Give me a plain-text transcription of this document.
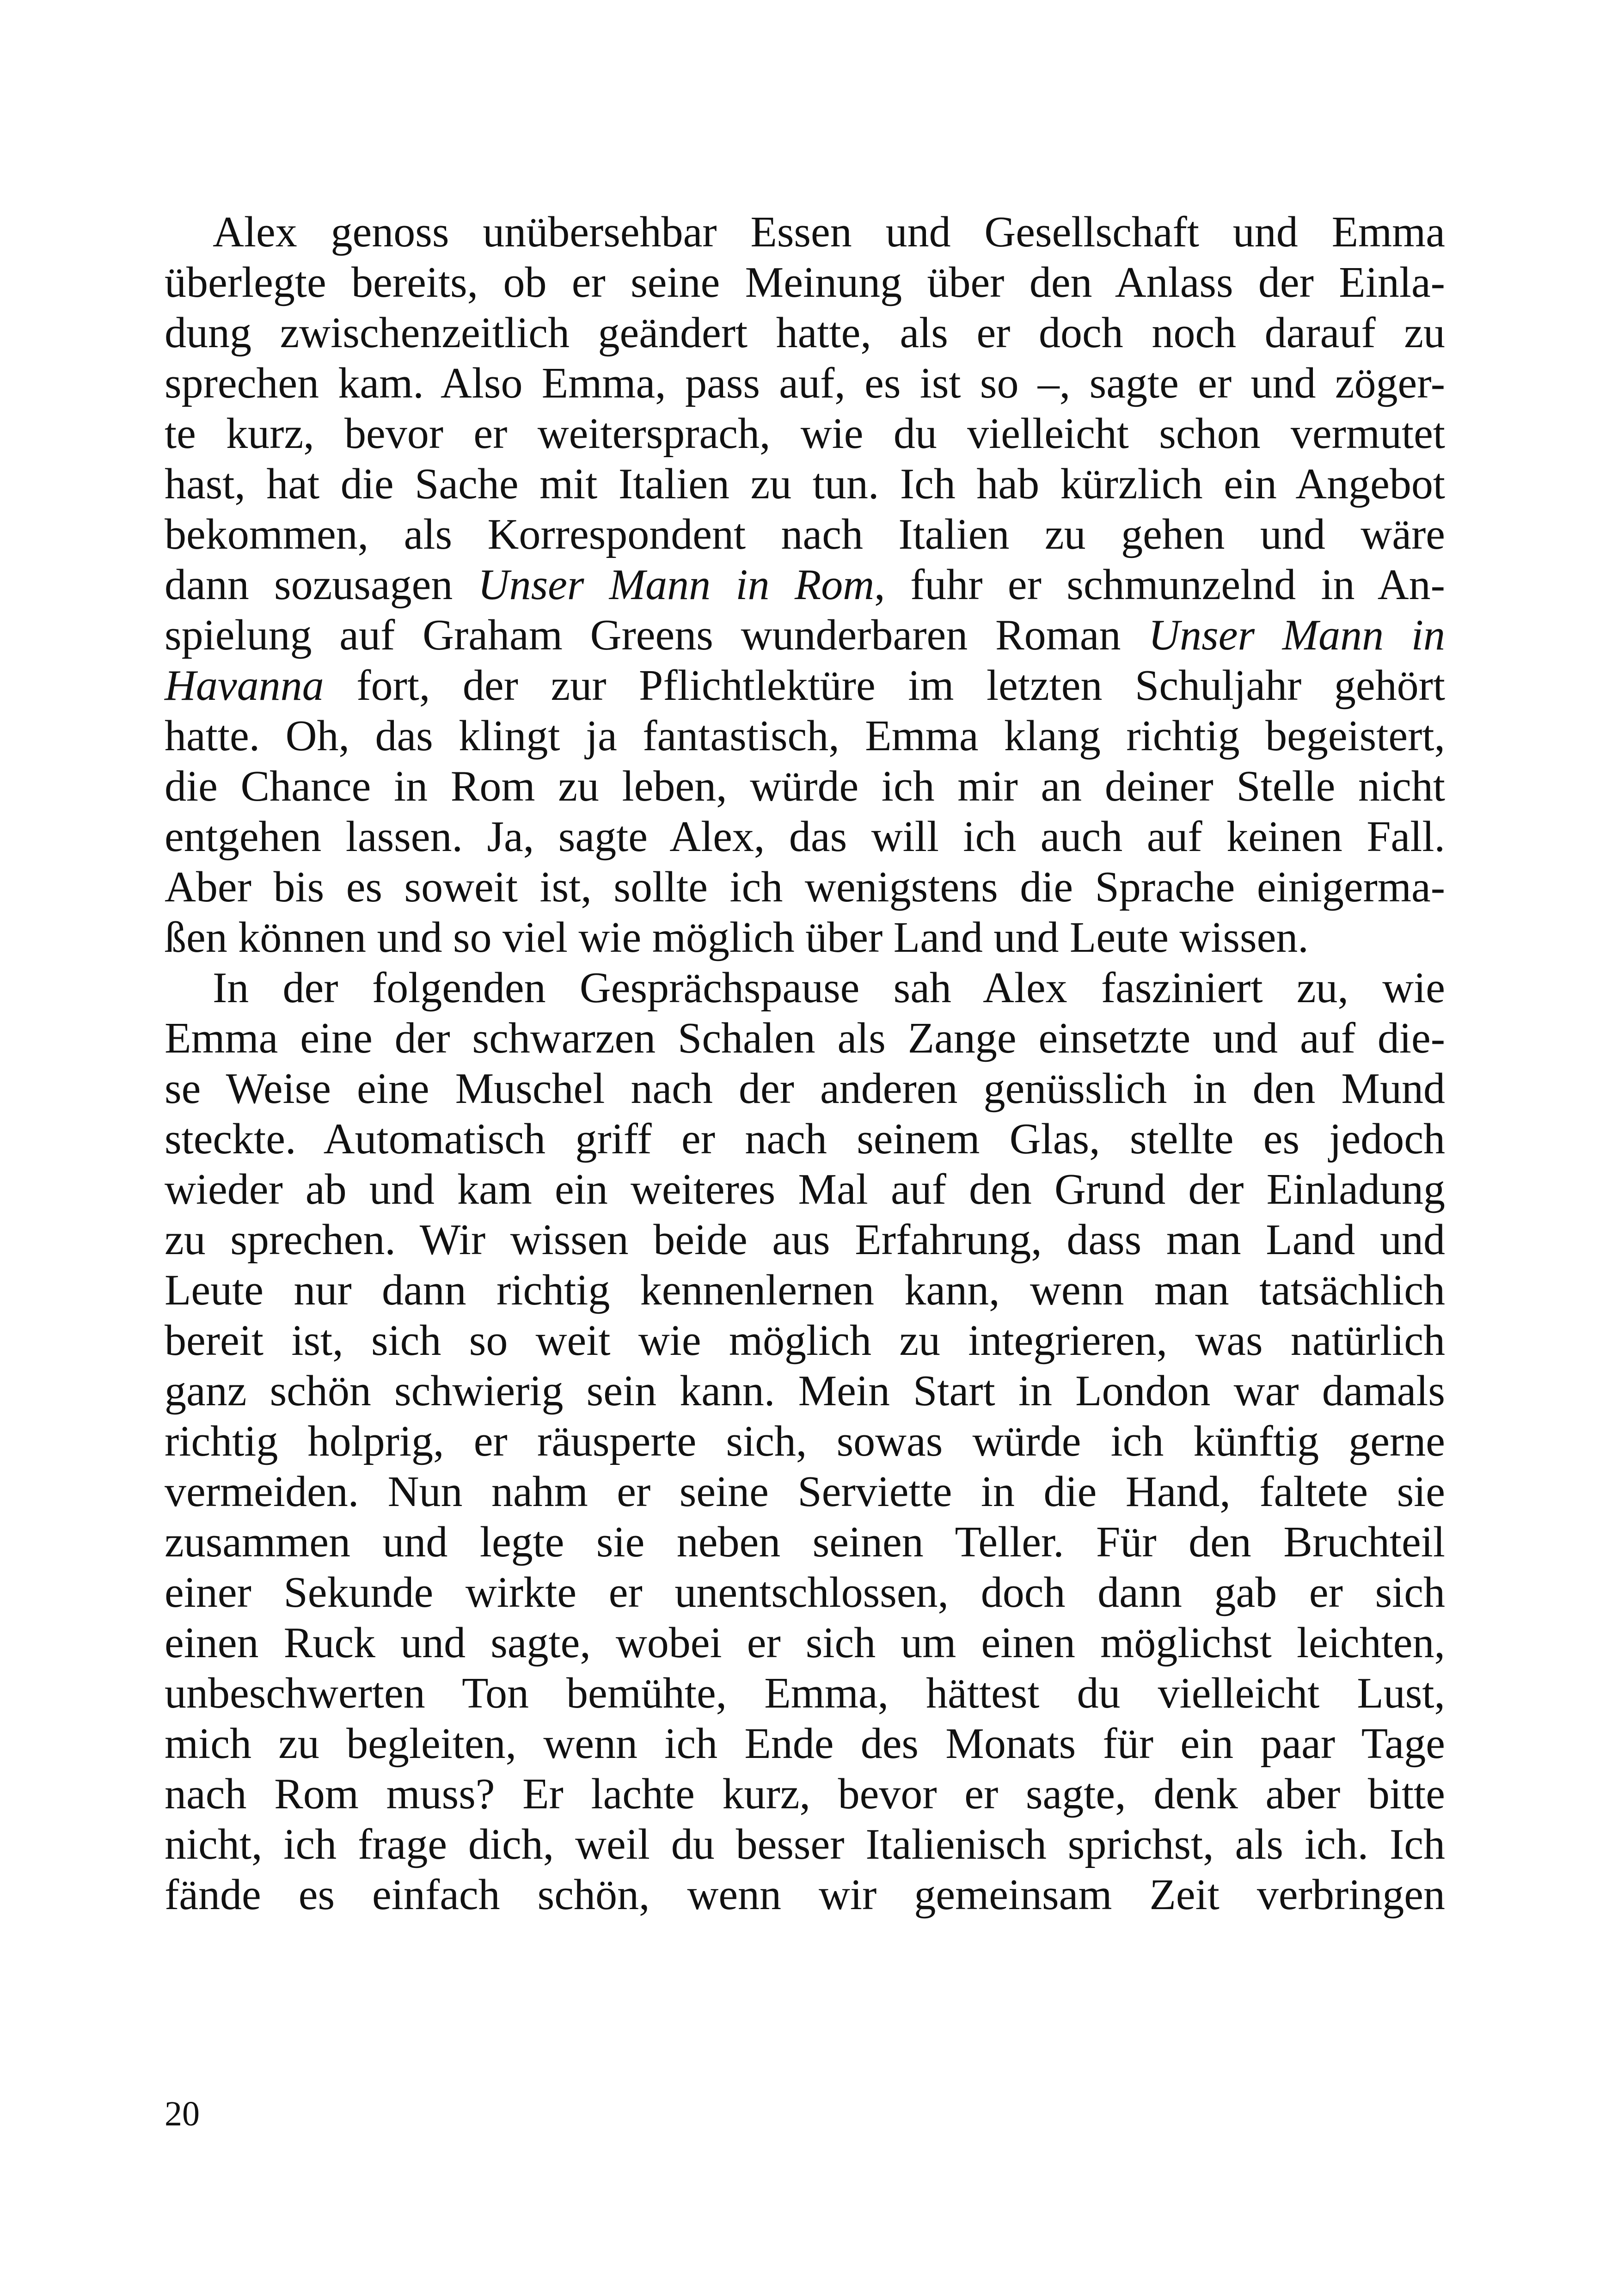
Alex genoss unübersehbar Essen und Gesellschaft und Emma
überlegte bereits, ob er seine Meinung über den Anlass der Einla-
dung zwischenzeitlich geändert hatte, als er doch noch darauf zu
sprechen kam. Also Emma, pass auf, es ist so –, sagte er und zöger-
te kurz, bevor er weitersprach, wie du vielleicht schon vermutet
hast, hat die Sache mit Italien zu tun. Ich hab kürzlich ein Angebot
bekommen, als Korrespondent nach Italien zu gehen und wäre
dann sozusagen Unser Mann in Rom, fuhr er schmunzelnd in An-
spielung auf Graham Greens wunderbaren Roman Unser Mann in
Havanna fort, der zur Pflichtlektüre im letzten Schuljahr gehört
hatte. Oh, das klingt ja fantastisch, Emma klang richtig begeistert,
die Chance in Rom zu leben, würde ich mir an deiner Stelle nicht
entgehen lassen. Ja, sagte Alex, das will ich auch auf keinen Fall.
Aber bis es soweit ist, sollte ich wenigstens die Sprache einigerma-
ßen können und so viel wie möglich über Land und Leute wissen.
In der folgenden Gesprächspause sah Alex fasziniert zu, wie
Emma eine der schwarzen Schalen als Zange einsetzte und auf die-
se Weise eine Muschel nach der anderen genüsslich in den Mund
steckte. Automatisch griff er nach seinem Glas, stellte es jedoch
wieder ab und kam ein weiteres Mal auf den Grund der Einladung
zu sprechen. Wir wissen beide aus Erfahrung, dass man Land und
Leute nur dann richtig kennenlernen kann, wenn man tatsächlich
bereit ist, sich so weit wie möglich zu integrieren, was natürlich
ganz schön schwierig sein kann. Mein Start in London war damals
richtig holprig, er räusperte sich, sowas würde ich künftig gerne
vermeiden. Nun nahm er seine Serviette in die Hand, faltete sie
zusammen und legte sie neben seinen Teller. Für den Bruchteil
einer Sekunde wirkte er unentschlossen, doch dann gab er sich
einen Ruck und sagte, wobei er sich um einen möglichst leichten,
unbeschwerten Ton bemühte, Emma, hättest du vielleicht Lust,
mich zu begleiten, wenn ich Ende des Monats für ein paar Tage
nach Rom muss? Er lachte kurz, bevor er sagte, denk aber bitte
nicht, ich frage dich, weil du besser Italienisch sprichst, als ich. Ich
fände es einfach schön, wenn wir gemeinsam Zeit verbringen
20
